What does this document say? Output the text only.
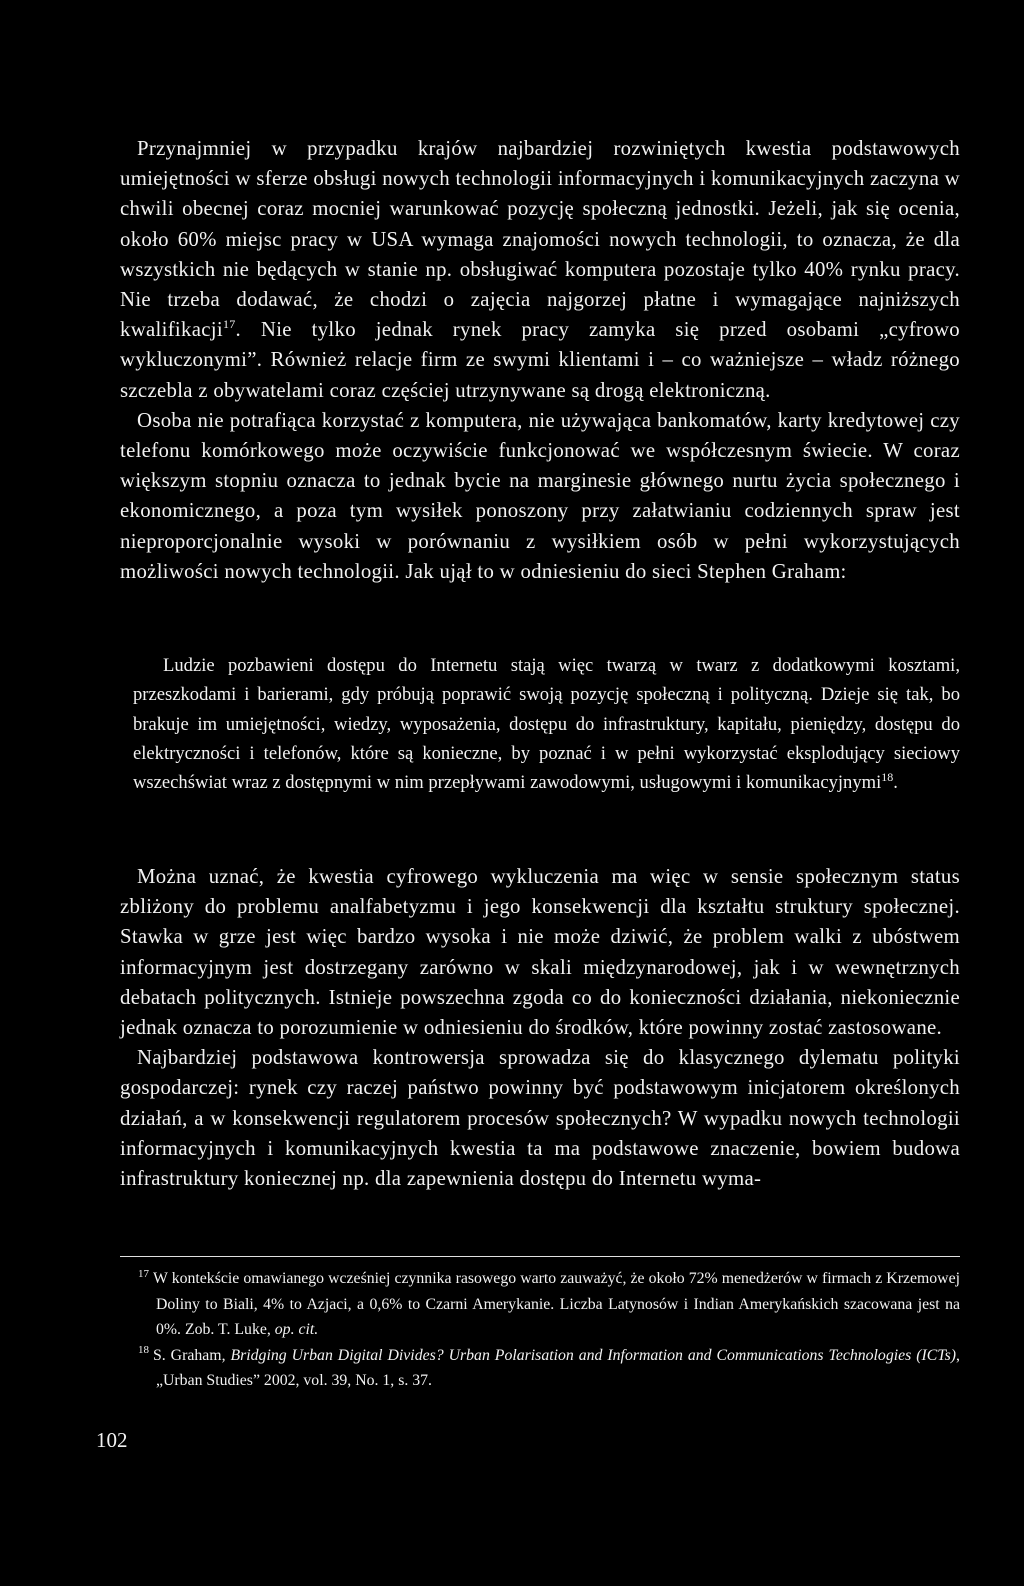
Przynajmniej w przypadku krajów najbardziej rozwiniętych kwestia podstawowych umiejętności w sferze obsługi nowych technologii informacyjnych i komunikacyjnych zaczyna w chwili obecnej coraz mocniej warunkować pozycję społeczną jednostki. Jeżeli, jak się ocenia, około 60% miejsc pracy w USA wymaga znajomości nowych technologii, to oznacza, że dla wszystkich nie będących w stanie np. obsługiwać komputera pozostaje tylko 40% rynku pracy. Nie trzeba dodawać, że chodzi o zajęcia najgorzej płatne i wymagające najniższych kwalifikacji$^{17}$. Nie tylko jednak rynek pracy zamyka się przed osobami „cyfrowo wykluczonymi”. Również relacje firm ze swymi klientami i – co ważniejsze – władz różnego szczebla z obywatelami coraz częściej utrzynywane są drogą elektroniczną.

Osoba nie potrafiąca korzystać z komputera, nie używająca bankomatów, karty kredytowej czy telefonu komórkowego może oczywiście funkcjonować we współczesnym świecie. W coraz większym stopniu oznacza to jednak bycie na marginesie głównego nurtu życia społecznego i ekonomicznego, a poza tym wysiłek ponoszony przy załatwianiu codziennych spraw jest nieproporcjonalnie wysoki w porównaniu z wysiłkiem osób w pełni wykorzystujących możliwości nowych technologii. Jak ujął to w odniesieniu do sieci Stephen Graham:

Ludzie pozbawieni dostępu do Internetu stają więc twarzą w twarz z dodatkowymi kosztami, przeszkodami i barierami, gdy próbują poprawić swoją pozycję społeczną i polityczną. Dzieje się tak, bo brakuje im umiejętności, wiedzy, wyposażenia, dostępu do infrastruktury, kapitału, pieniędzy, dostępu do elektryczności i telefonów, które są konieczne, by poznać i w pełni wykorzystać eksplodujący sieciowy wszechświat wraz z dostępnymi w nim przepływami zawodowymi, usługowymi i komunikacyjnymi$^{18}$.

Można uznać, że kwestia cyfrowego wykluczenia ma więc w sensie społecznym status zbliżony do problemu analfabetyzmu i jego konsekwencji dla kształtu struktury społecznej. Stawka w grze jest więc bardzo wysoka i nie może dziwić, że problem walki z ubóstwem informacyjnym jest dostrzegany zarówno w skali międzynarodowej, jak i w wewnętrznych debatach politycznych. Istnieje powszechna zgoda co do konieczności działania, niekoniecznie jednak oznacza to porozumienie w odniesieniu do środków, które powinny zostać zastosowane.

Najbardziej podstawowa kontrowersja sprowadza się do klasycznego dylematu polityki gospodarczej: rynek czy raczej państwo powinny być podstawowym inicjatorem określonych działań, a w konsekwencji regulatorem procesów społecznych? W wypadku nowych technologii informacyjnych i komunikacyjnych kwestia ta ma podstawowe znaczenie, bowiem budowa infrastruktury koniecznej np. dla zapewnienia dostępu do Internetu wyma-

$^{17}$ W kontekście omawianego wcześniej czynnika rasowego warto zauważyć, że około 72% menedżerów w firmach z Krzemowej Doliny to Biali, 4% to Azjaci, a 0,6% to Czarni Amerykanie. Liczba Latynosów i Indian Amerykańskich szacowana jest na 0%. Zob. T. Luke, op. cit.

$^{18}$ S. Graham, Bridging Urban Digital Divides? Urban Polarisation and Information and Communications Technologies (ICTs), „Urban Studies” 2002, vol. 39, No. 1, s. 37.

102
